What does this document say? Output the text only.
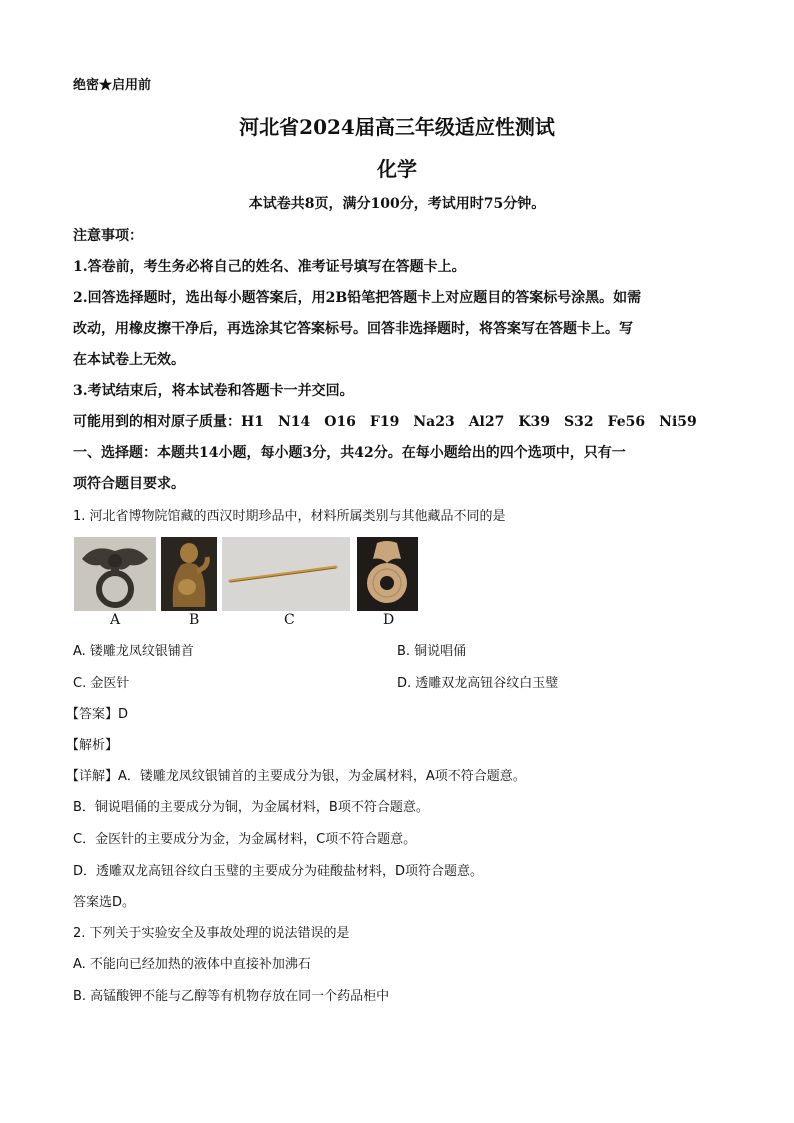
绝密★启用前
河北省2024届高三年级适应性测试
化学
本试卷共8页，满分100分，考试用时75分钟。
注意事项：
1.答卷前，考生务必将自己的姓名、准考证号填写在答题卡上。
2.回答选择题时，选出每小题答案后，用2B铅笔把答题卡上对应题目的答案标号涂黑。如需
改动，用橡皮擦干净后，再选涂其它答案标号。回答非选择题时，将答案写在答题卡上。写
在本试卷上无效。
3.考试结束后，将本试卷和答题卡一并交回。
可能用到的相对原子质量：H1　N14　O16　F19　Na23　Al27　K39　S32　Fe56　Ni59
一、选择题：本题共14小题，每小题3分，共42分。在每小题给出的四个选项中，只有一
项符合题目要求。
1. 河北省博物院馆藏的西汉时期珍品中，材料所属类别与其他藏品不同的是
A	B	C	D
A. 镂雕龙凤纹银铺首	B. 铜说唱俑
C. 金医针	D. 透雕双龙高钮谷纹白玉璧
【答案】D
【解析】
【详解】A．镂雕龙凤纹银铺首的主要成分为银，为金属材料，A项不符合题意。
B．铜说唱俑的主要成分为铜，为金属材料，B项不符合题意。
C．金医针的主要成分为金，为金属材料，C项不符合题意。
D．透雕双龙高钮谷纹白玉璧的主要成分为硅酸盐材料，D项符合题意。
答案选D。
2. 下列关于实验安全及事故处理的说法错误的是
A. 不能向已经加热的液体中直接补加沸石
B. 高锰酸钾不能与乙醇等有机物存放在同一个药品柜中
